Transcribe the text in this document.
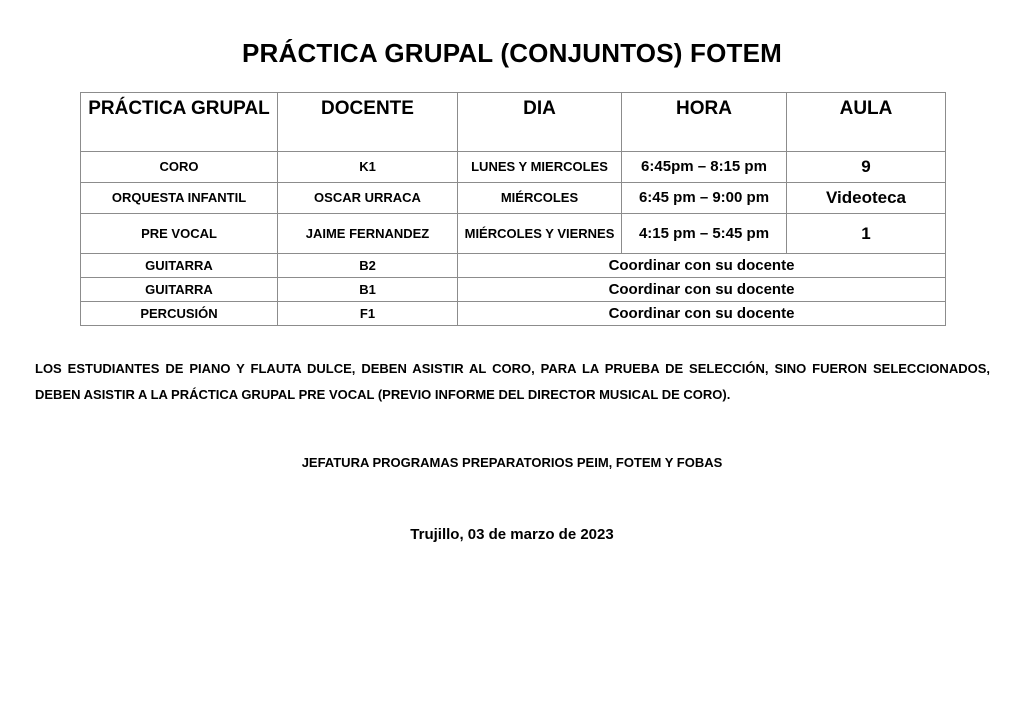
PRÁCTICA GRUPAL (CONJUNTOS) FOTEM
PRÁCTICA GRUPAL	DOCENTE	DIA	HORA	AULA
CORO	K1	LUNES Y MIERCOLES	6:45pm – 8:15 pm	9
ORQUESTA INFANTIL	OSCAR URRACA	MIÉRCOLES	6:45 pm – 9:00 pm	Videoteca
PRE VOCAL	JAIME FERNANDEZ	MIÉRCOLES Y VIERNES	4:15 pm – 5:45 pm	1
GUITARRA	B2	Coordinar con su docente		
GUITARRA	B1	Coordinar con su docente		
PERCUSIÓN	F1	Coordinar con su docente		
LOS ESTUDIANTES DE PIANO Y FLAUTA DULCE, DEBEN ASISTIR AL CORO, PARA LA PRUEBA DE SELECCIÓN, SINO FUERON SELECCIONADOS, DEBEN ASISTIR A LA PRÁCTICA GRUPAL PRE VOCAL (PREVIO INFORME DEL DIRECTOR MUSICAL DE CORO).
JEFATURA PROGRAMAS PREPARATORIOS PEIM, FOTEM Y FOBAS
Trujillo, 03 de marzo de 2023
